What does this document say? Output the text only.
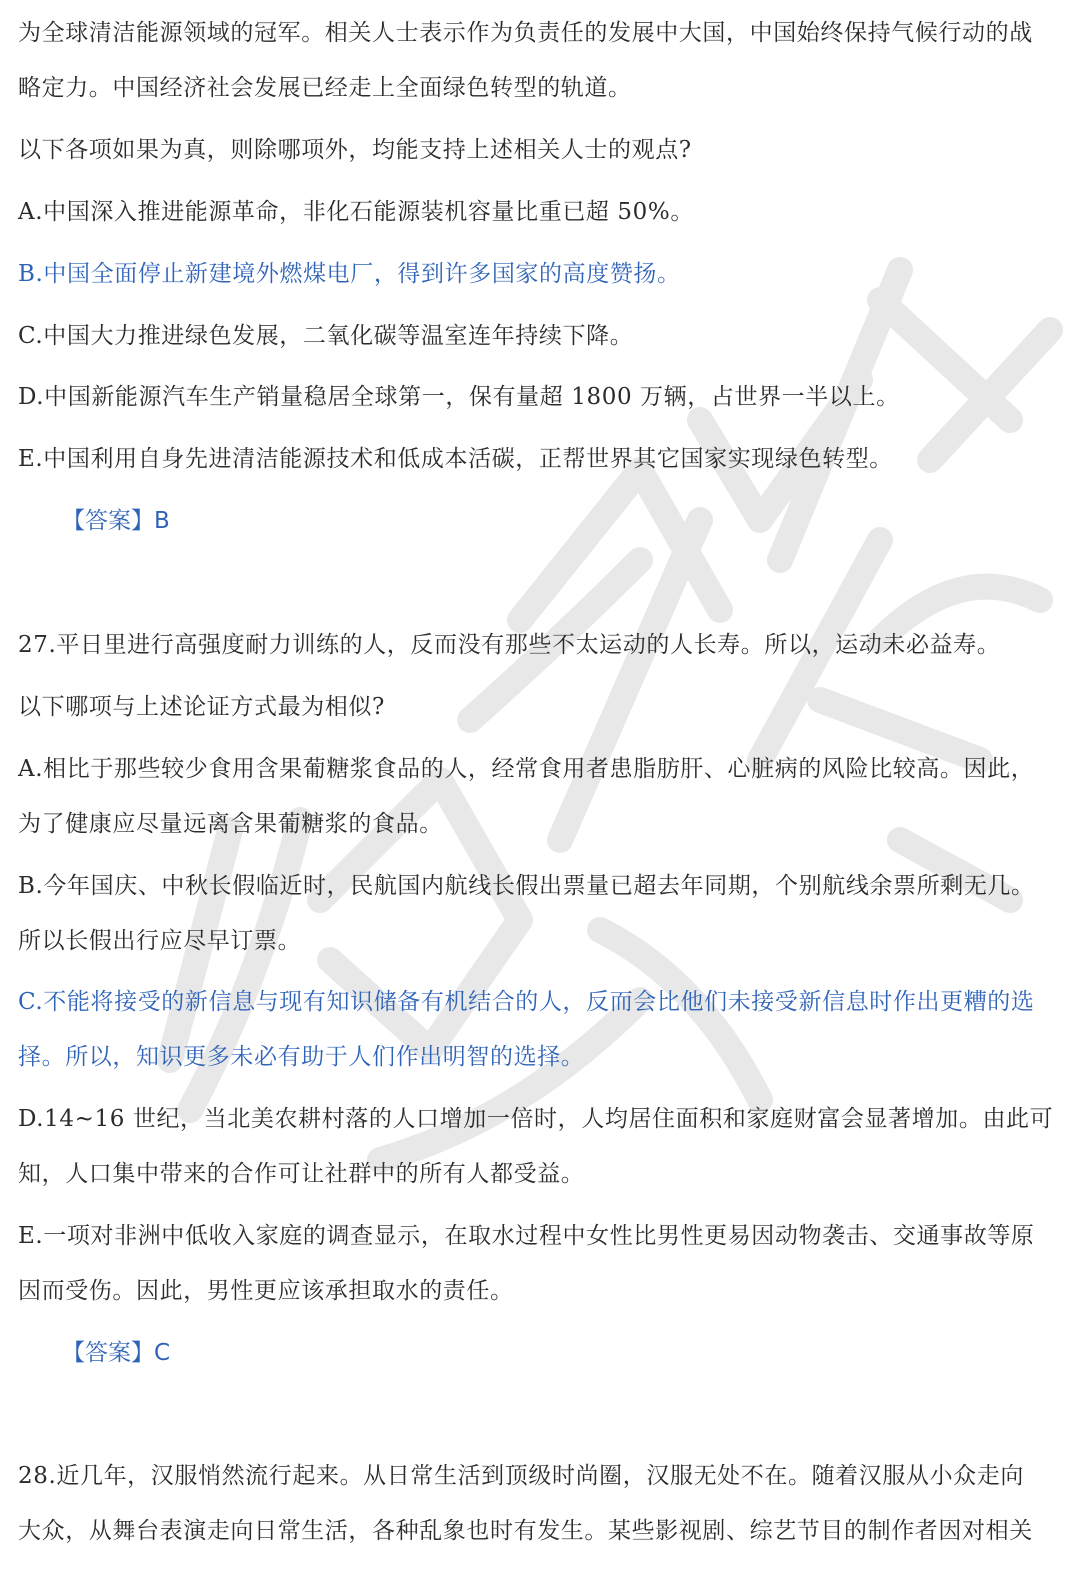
为全球清洁能源领域的冠军。相关人士表示作为负责任的发展中大国，中国始终保持气候行动的战
略定力。中国经济社会发展已经走上全面绿色转型的轨道。
以下各项如果为真，则除哪项外，均能支持上述相关人士的观点?
A.中国深入推进能源革命，非化石能源装机容量比重已超 50%。
B.中国全面停止新建境外燃煤电厂，得到许多国家的高度赞扬。
C.中国大力推进绿色发展，二氧化碳等温室连年持续下降。
D.中国新能源汽车生产销量稳居全球第一，保有量超 1800 万辆，占世界一半以上。
E.中国利用自身先进清洁能源技术和低成本活碳，正帮世界其它国家实现绿色转型。
【答案】B
27.平日里进行高强度耐力训练的人，反而没有那些不太运动的人长寿。所以，运动未必益寿。
以下哪项与上述论证方式最为相似?
A.相比于那些较少食用含果葡糖浆食品的人，经常食用者患脂肪肝、心脏病的风险比较高。因此，
为了健康应尽量远离含果葡糖浆的食品。
B.今年国庆、中秋长假临近时，民航国内航线长假出票量已超去年同期，个别航线余票所剩无几。
所以长假出行应尽早订票。
C.不能将接受的新信息与现有知识储备有机结合的人，反而会比他们未接受新信息时作出更糟的选
择。所以，知识更多未必有助于人们作出明智的选择。
D.14~16 世纪，当北美农耕村落的人口增加一倍时，人均居住面积和家庭财富会显著增加。由此可
知，人口集中带来的合作可让社群中的所有人都受益。
E.一项对非洲中低收入家庭的调查显示，在取水过程中女性比男性更易因动物袭击、交通事故等原
因而受伤。因此，男性更应该承担取水的责任。
【答案】C
28.近几年，汉服悄然流行起来。从日常生活到顶级时尚圈，汉服无处不在。随着汉服从小众走向
大众，从舞台表演走向日常生活，各种乱象也时有发生。某些影视剧、综艺节目的制作者因对相关
